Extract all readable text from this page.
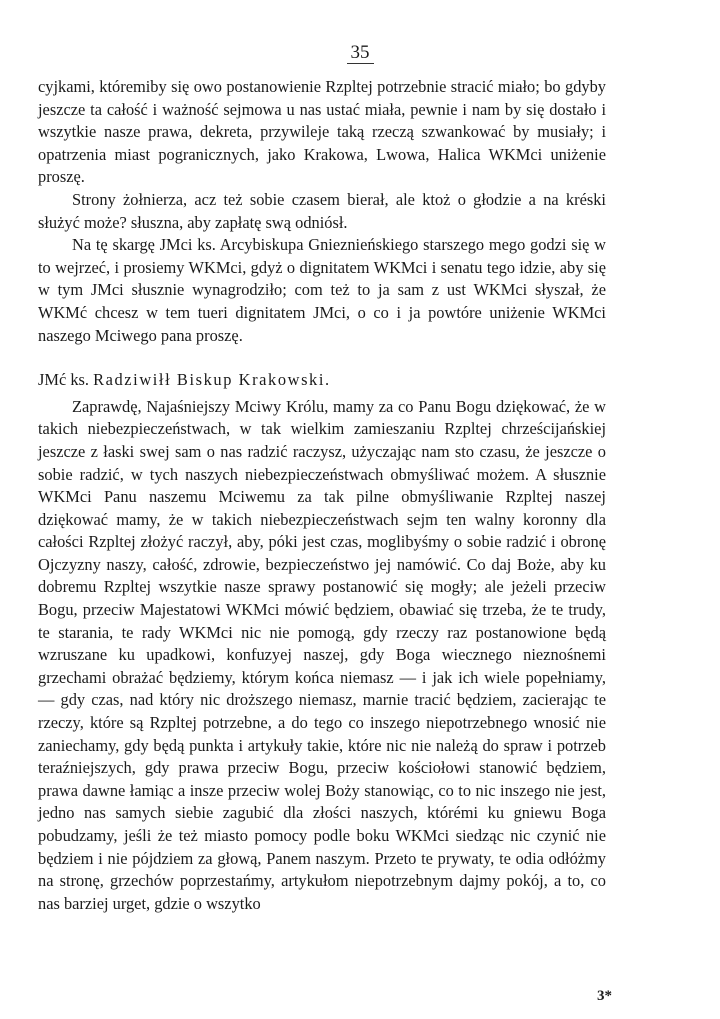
35

cyjkami, któremiby się owo postanowienie Rzpltej potrzebnie stracić miało; bo gdyby jeszcze ta całość i ważność sejmowa u nas ustać miała, pewnie i nam by się dostało i wszytkie nasze prawa, dekreta, przywileje taką rzeczą szwankować by musiały; i opatrzenia miast pogranicznych, jako Krakowa, Lwowa, Halica WKMci uniżenie proszę.

Strony żołnierza, acz też sobie czasem bierał, ale ktoż o głodzie a na kréski służyć może? słuszna, aby zapłatę swą odniósł.

Na tę skargę JMci ks. Arcybiskupa Gnieznieńskiego starszego mego godzi się w to wejrzeć, i prosiemy WKMci, gdyż o dignitatem WKMci i senatu tego idzie, aby się w tym JMci słusznie wynagrodziło; com też to ja sam z ust WKMci słyszał, że WKMć chcesz w tem tueri dignitatem JMci, o co i ja powtóre uniżenie WKMci naszego Mciwego pana proszę.

JMć ks. Radziwiłł Biskup Krakowski.

Zaprawdę, Najaśniejszy Mciwy Królu, mamy za co Panu Bogu dziękować, że w takich niebezpieczeństwach, w tak wielkim zamieszaniu Rzpltej chrześcijańskiej jeszcze z łaski swej sam o nas radzić raczysz, użyczając nam sto czasu, że jeszcze o sobie radzić, w tych naszych niebezpieczeństwach obmyśliwać możem. A słusznie WKMci Panu naszemu Mciwemu za tak pilne obmyśliwanie Rzpltej naszej dziękować mamy, że w takich niebezpieczeństwach sejm ten walny koronny dla całości Rzpltej złożyć raczył, aby, póki jest czas, moglibyśmy o sobie radzić i obronę Ojczyzny naszy, całość, zdrowie, bezpieczeństwo jej namówić. Co daj Boże, aby ku dobremu Rzpltej wszytkie nasze sprawy postanowić się mogły; ale jeżeli przeciw Bogu, przeciw Majestatowi WKMci mówić będziem, obawiać się trzeba, że te trudy, te starania, te rady WKMci nic nie pomogą, gdy rzeczy raz postanowione będą wzruszane ku upadkowi, konfuzyej naszej, gdy Boga wiecznego nieznośnemi grzechami obrażać będziemy, którym końca niemasz — i jak ich wiele popełniamy, — gdy czas, nad który nic droższego niemasz, marnie tracić będziem, zacierając te rzeczy, które są Rzpltej potrzebne, a do tego co inszego niepotrzebnego wnosić nie zaniechamy, gdy będą punkta i artykuły takie, które nic nie należą do spraw i potrzeb teraźniejszych, gdy prawa przeciw Bogu, przeciw kościołowi stanowić będziem, prawa dawne łamiąc a insze przeciw wolej Boży stanowiąc, co to nic inszego nie jest, jedno nas samych siebie zagubić dla złości naszych, którémi ku gniewu Boga pobudzamy, jeśli że też miasto pomocy podle boku WKMci siedząc nic czynić nie będziem i nie pójdziem za głową, Panem naszym. Przeto te prywaty, te odia odłóżmy na stronę, grzechów poprzestańmy, artykułom niepotrzebnym dajmy pokój, a to, co nas barziej urget, gdzie o wszytko

3*
